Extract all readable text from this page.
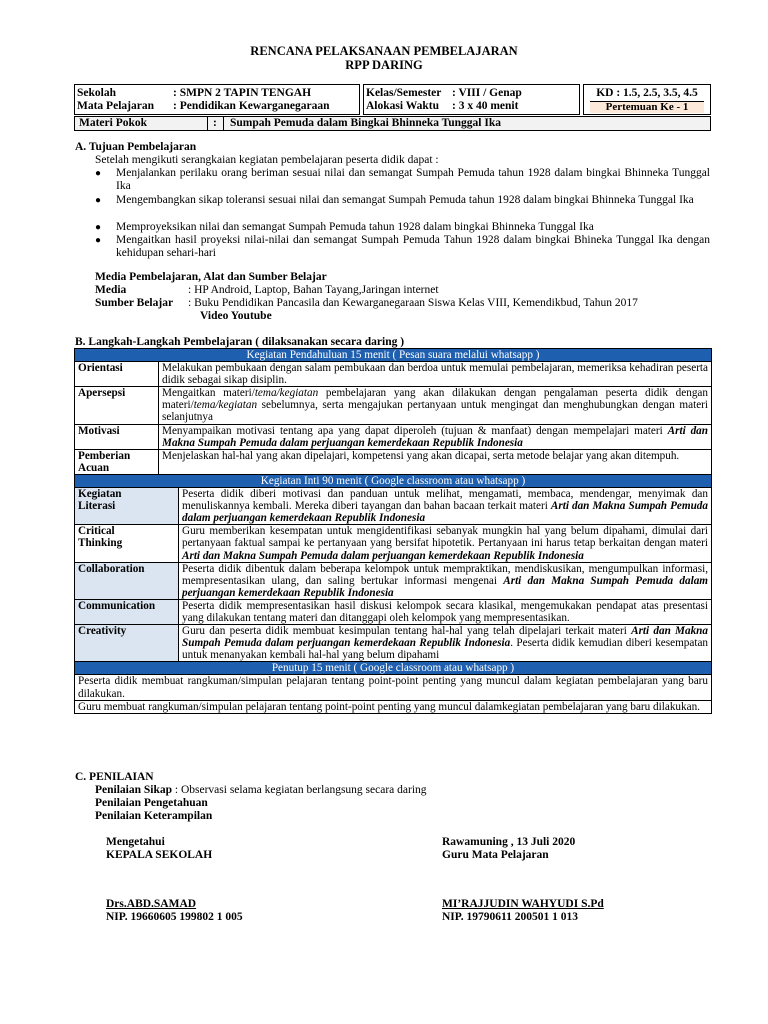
RENCANA PELAKSANAAN PEMBELAJARAN
RPP DARING
Sekolah	: SMPN 2 TAPIN TENGAH
Mata Pelajaran	: Pendidikan Kewarganegaraan
Kelas/Semester	: VIII / Genap
Alokasi Waktu	: 3 x 40 menit
KD : 1.5, 2.5, 3.5, 4.5
Pertemuan Ke - 1
Materi Pokok	: Sumpah Pemuda dalam Bingkai Bhinneka Tunggal Ika
A. Tujuan Pembelajaran
Setelah mengikuti serangkaian kegiatan pembelajaran peserta didik dapat :
● Menjalankan perilaku orang beriman sesuai nilai dan semangat Sumpah Pemuda tahun 1928 dalam bingkai Bhinneka Tunggal Ika
● Mengembangkan sikap toleransi sesuai nilai dan semangat Sumpah Pemuda tahun 1928 dalam bingkai Bhinneka Tunggal Ika
● Memproyeksikan nilai dan semangat Sumpah Pemuda tahun 1928 dalam bingkai Bhinneka Tunggal Ika
● Mengaitkan hasil proyeksi nilai-nilai dan semangat Sumpah Pemuda Tahun 1928 dalam bingkai Bhineka Tunggal Ika dengan kehidupan sehari-hari
Media Pembelajaran, Alat dan Sumber Belajar
Media	: HP Android, Laptop, Bahan Tayang,Jaringan internet
Sumber Belajar : Buku Pendidikan Pancasila dan Kewarganegaraan Siswa Kelas VIII, Kemendikbud, Tahun 2017
Video Youtube
B. Langkah-Langkah Pembelajaran ( dilaksanakan secara daring )
Kegiatan Pendahuluan 15 menit ( Pesan suara melalui whatsapp )		
Orientasi	Melakukan pembukaan dengan salam pembukaan dan berdoa untuk memulai pembelajaran, memeriksa kehadiran peserta didik sebagai sikap disiplin.	
Apersepsi	Mengaitkan materi/tema/kegiatan pembelajaran yang akan dilakukan dengan pengalaman peserta didik dengan materi/tema/kegiatan sebelumnya, serta mengajukan pertanyaan untuk mengingat dan menghubungkan dengan materi selanjutnya	
Motivasi	Menyampaikan motivasi tentang apa yang dapat diperoleh (tujuan & manfaat) dengan mempelajari materi Arti dan Makna Sumpah Pemuda dalam perjuangan kemerdekaan Republik Indonesia	
Pemberian
Acuan	Menjelaskan hal-hal yang akan dipelajari, kompetensi yang akan dicapai, serta metode belajar yang akan ditempuh.	
Kegiatan Inti 90 menit ( Google classroom atau whatsapp )		
Kegiatan
Literasi		Peserta didik diberi motivasi dan panduan untuk melihat, mengamati, membaca, mendengar, menyimak dan menuliskannya kembali. Mereka diberi tayangan dan bahan bacaan terkait materi Arti dan Makna Sumpah Pemuda dalam perjuangan kemerdekaan Republik Indonesia
Critical
Thinking		Guru memberikan kesempatan untuk mengidentifikasi sebanyak mungkin hal yang belum dipahami, dimulai dari pertanyaan faktual sampai ke pertanyaan yang bersifat hipotetik. Pertanyaan ini harus tetap berkaitan dengan materi Arti dan Makna Sumpah Pemuda dalam perjuangan kemerdekaan Republik Indonesia
Collaboration		Peserta didik dibentuk dalam beberapa kelompok untuk mempraktikan, mendiskusikan, mengumpulkan informasi, mempresentasikan ulang, dan saling bertukar informasi mengenai Arti dan Makna Sumpah Pemuda dalam perjuangan kemerdekaan Republik Indonesia
Communication		Peserta didik mempresentasikan hasil diskusi kelompok secara klasikal, mengemukakan pendapat atas presentasi yang dilakukan tentang materi dan ditanggapi oleh kelompok yang mempresentasikan.
Creativity		Guru dan peserta didik membuat kesimpulan tentang hal-hal yang telah dipelajari terkait materi Arti dan Makna Sumpah Pemuda dalam perjuangan kemerdekaan Republik Indonesia. Peserta didik kemudian diberi kesempatan untuk menanyakan kembali hal-hal yang belum dipahami
Penutup 15 menit ( Google classroom atau whatsapp )		
Peserta didik membuat rangkuman/simpulan pelajaran tentang point-point penting yang muncul dalam kegiatan pembelajaran yang baru dilakukan.		
Guru membuat rangkuman/simpulan pelajaran tentang point-point penting yang muncul dalamkegiatan pembelajaran yang baru dilakukan.		
C. PENILAIAN
Penilaian Sikap : Observasi selama kegiatan berlangsung secara daring
Penilaian Pengetahuan
Penilaian Keterampilan
Mengetahui
KEPALA SEKOLAH
Drs.ABD.SAMAD
NIP. 19660605 199802 1 005
Rawamuning , 13 Juli 2020
Guru Mata Pelajaran
MI’RAJJUDIN WAHYUDI S.Pd
NIP. 19790611 200501 1 013
